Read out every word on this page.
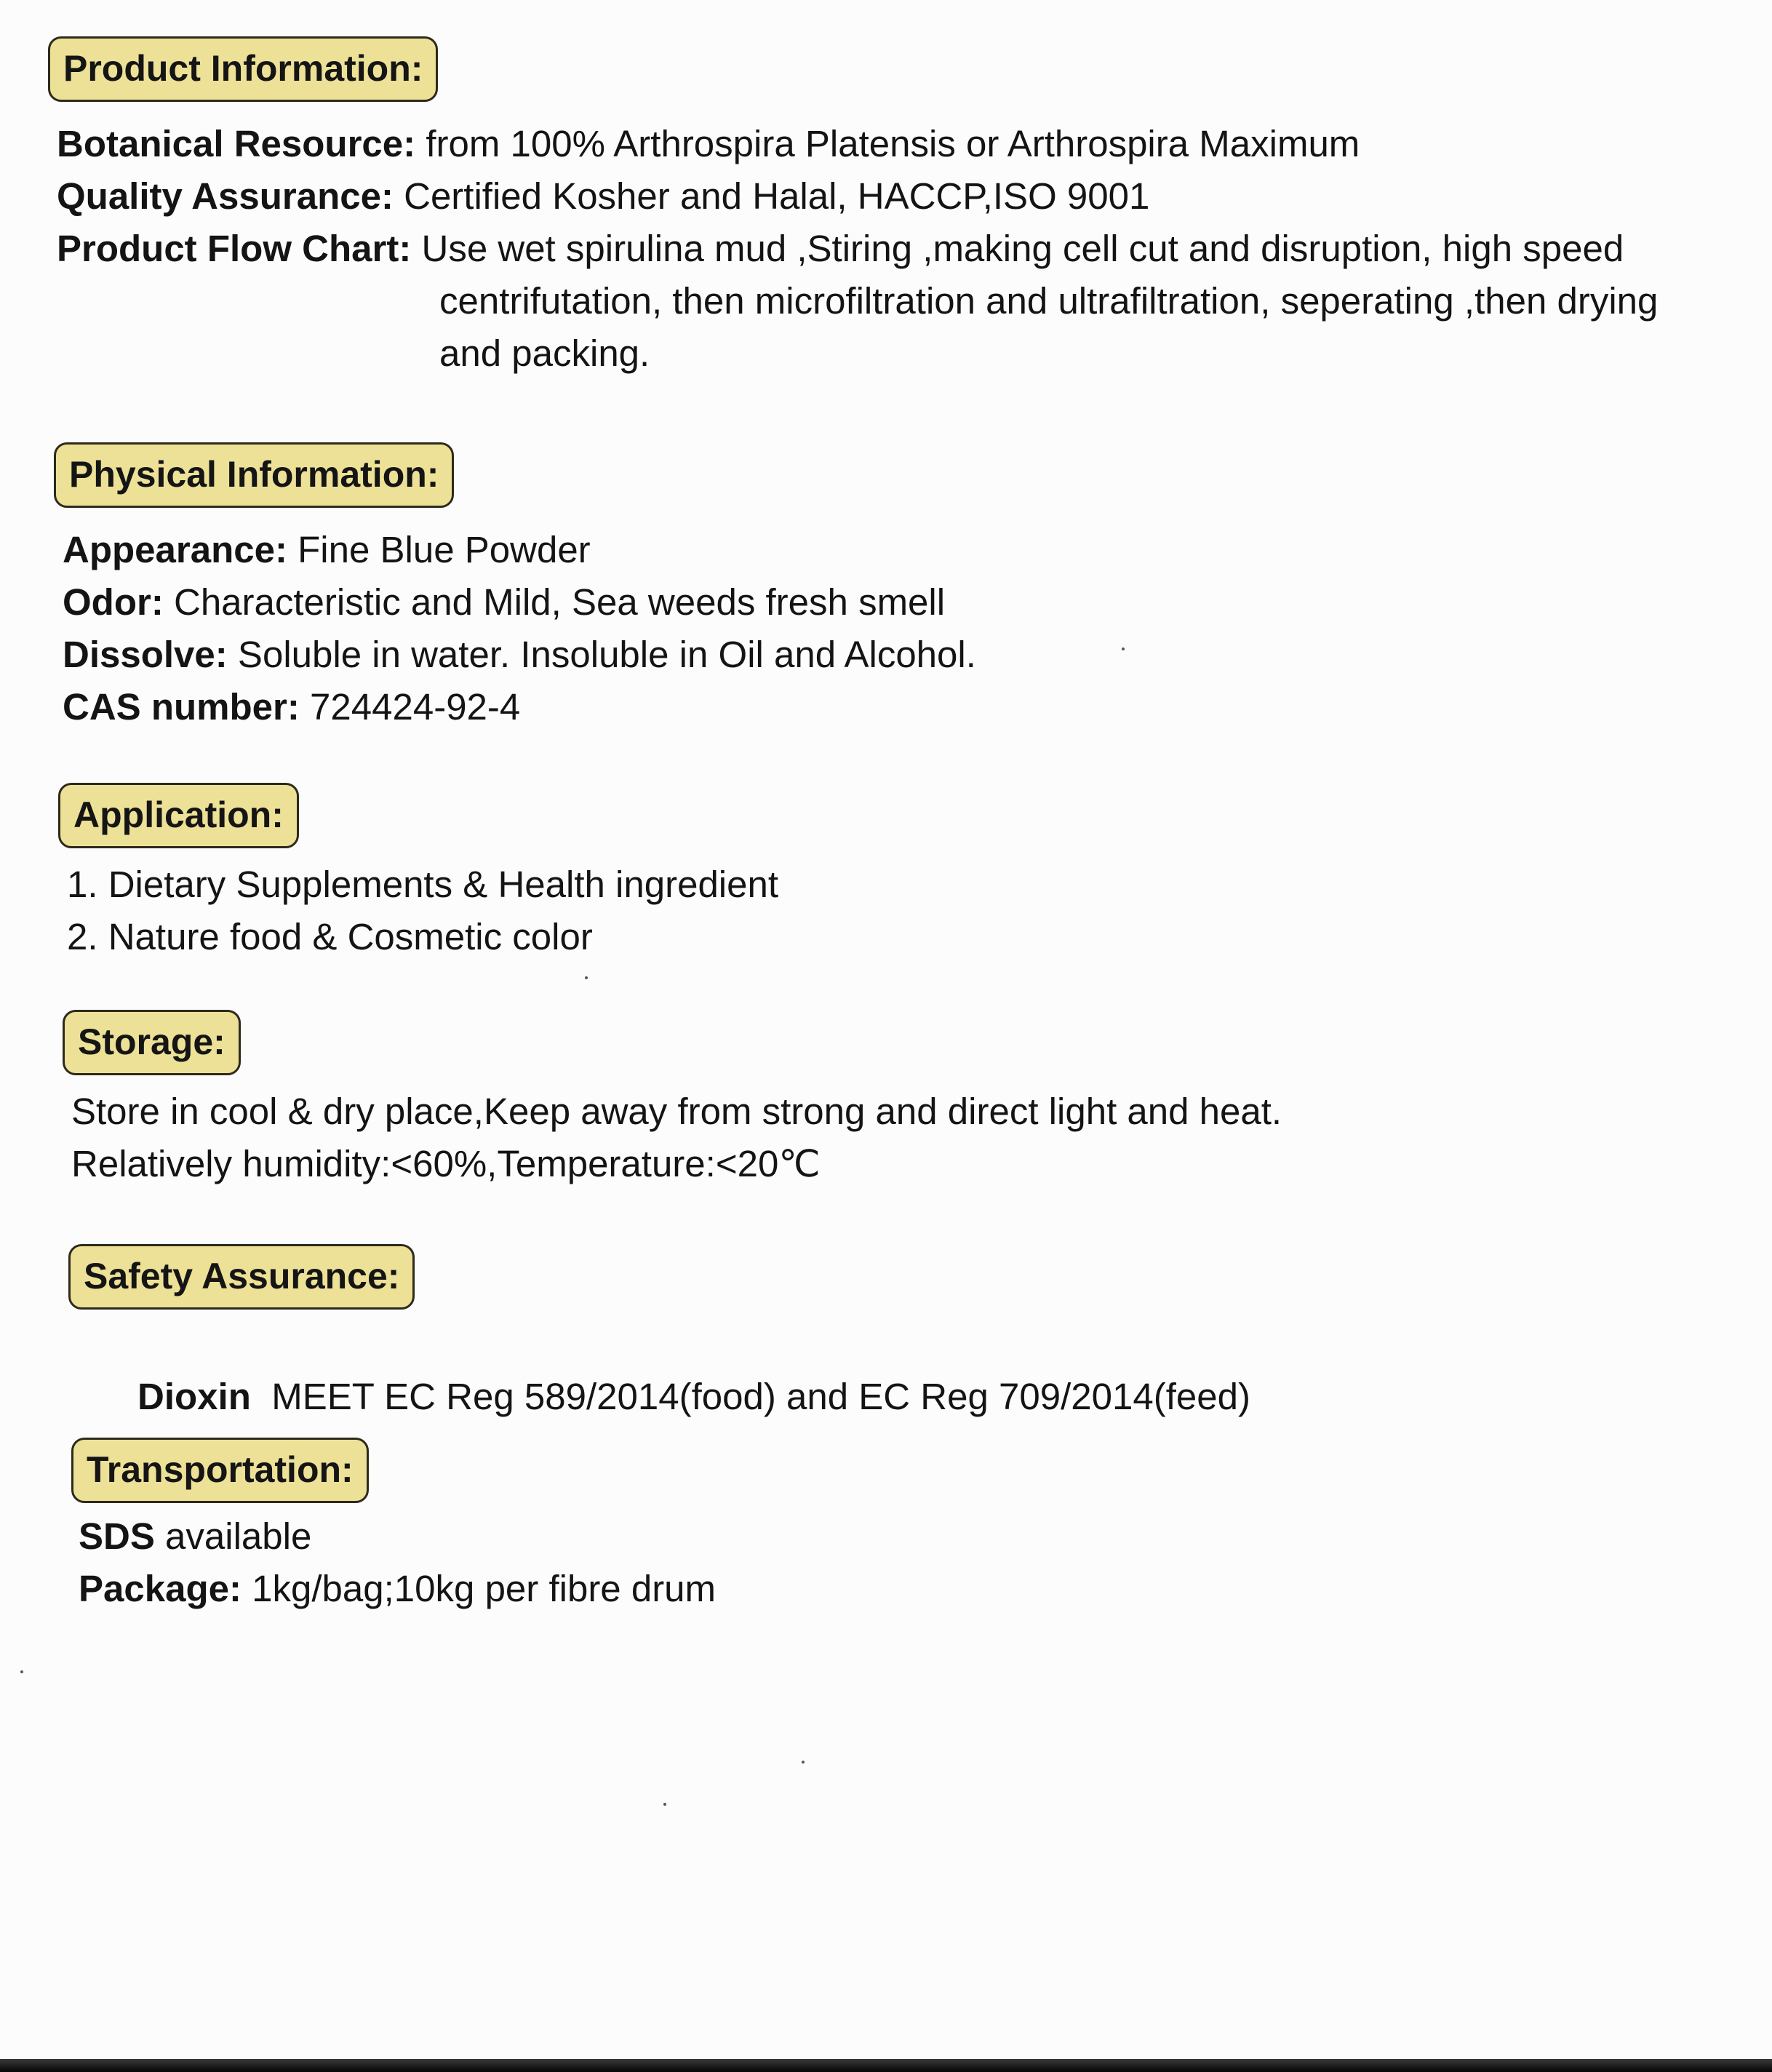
Product Information:
Botanical Resource: from 100% Arthrospira Platensis or Arthrospira Maximum
Quality Assurance: Certified Kosher and Halal, HACCP,ISO 9001
Product Flow Chart: Use wet spirulina mud ,Stiring ,making cell cut and disruption, high speed
centrifutation, then microfiltration and ultrafiltration, seperating ,then drying
and packing.
Physical Information:
Appearance: Fine Blue Powder
Odor: Characteristic and Mild, Sea weeds fresh smell
Dissolve: Soluble in water. Insoluble in Oil and Alcohol.
CAS number: 724424-92-4
Application:
1. Dietary Supplements & Health ingredient
2. Nature food & Cosmetic color
Storage:
Store in cool & dry place,Keep away from strong and direct light and heat.
Relatively humidity:<60%,Temperature:<20℃
Safety Assurance:

Dioxin  MEET EC Reg 589/2014(food) and EC Reg 709/2014(feed)

Transportation:
SDS available
Package: 1kg/bag;10kg per fibre drum
